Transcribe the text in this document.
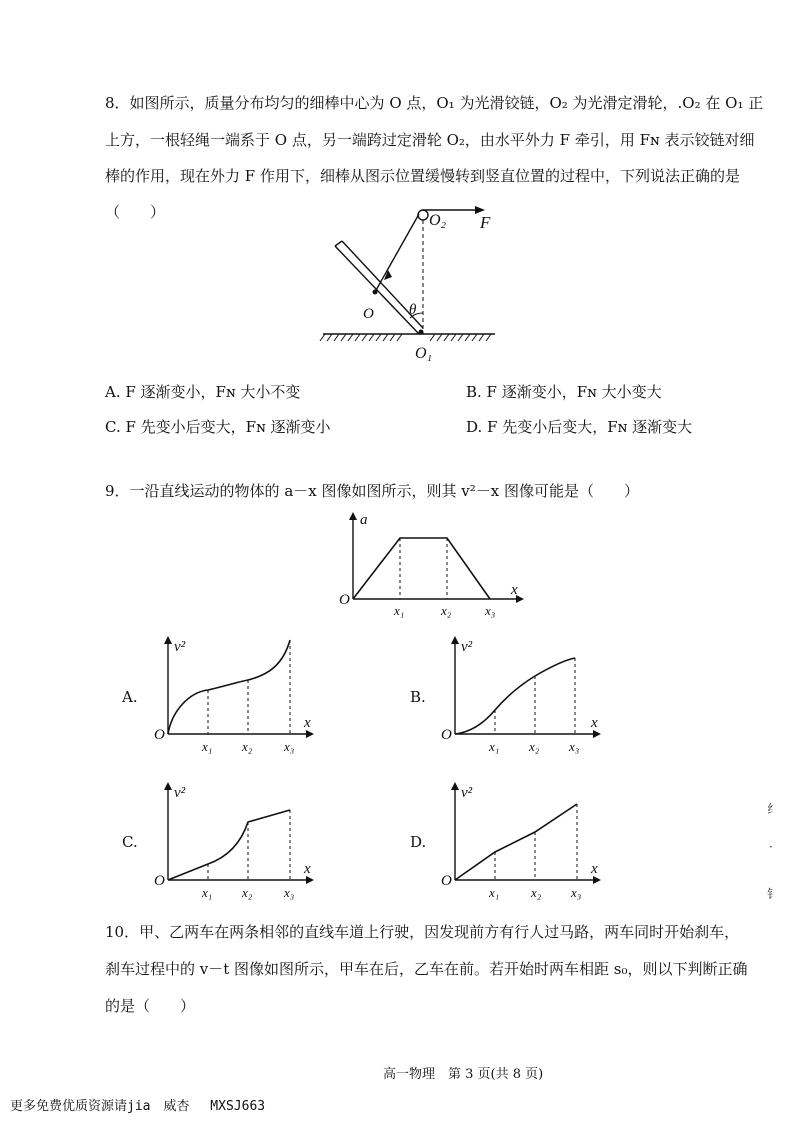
8．如图所示，质量分布均匀的细棒中心为 O 点，O₁ 为光滑铰链，O₂ 为光滑定滑轮，.O₂ 在 O₁ 正
上方，一根轻绳一端系于 O 点，另一端跨过定滑轮 O₂，由水平外力 F 牵引，用 Fɴ 表示铰链对细
棒的作用，现在外力 F 作用下，细棒从图示位置缓慢转到竖直位置的过程中，下列说法正确的是
（　　）	O₂ F
O θ
O₁
A. F 逐渐变小，Fɴ 大小不变	B. F 逐渐变小，Fɴ 大小变大
C. F 先变小后变大，Fɴ 逐渐变小	D. F 先变小后变大，Fɴ 逐渐变大
9．一沿直线运动的物体的 a－x 图像如图所示，则其 v²－x 图像可能是（　　）
a
x
O
x₁	x₂	x₃
A.
v²
x
O
x₁ x₂ x₃
B.
v²
x
O
x₁ x₂ x₃
C.
v²
x
O
x₁ x₂ x₃
D.
v²
x
O
x₁ x₂ x₃
纟
·
钅
10．甲、乙两车在两条相邻的直线车道上行驶，因发现前方有行人过马路，两车同时开始刹车，
刹车过程中的 v－t 图像如图所示，甲车在后，乙车在前。若开始时两车相距 s₀，则以下判断正确
的是（　　）
高一物理　第 3 页(共 8 页)
更多免费优质资源请jia　威杏　 MXSJ663
